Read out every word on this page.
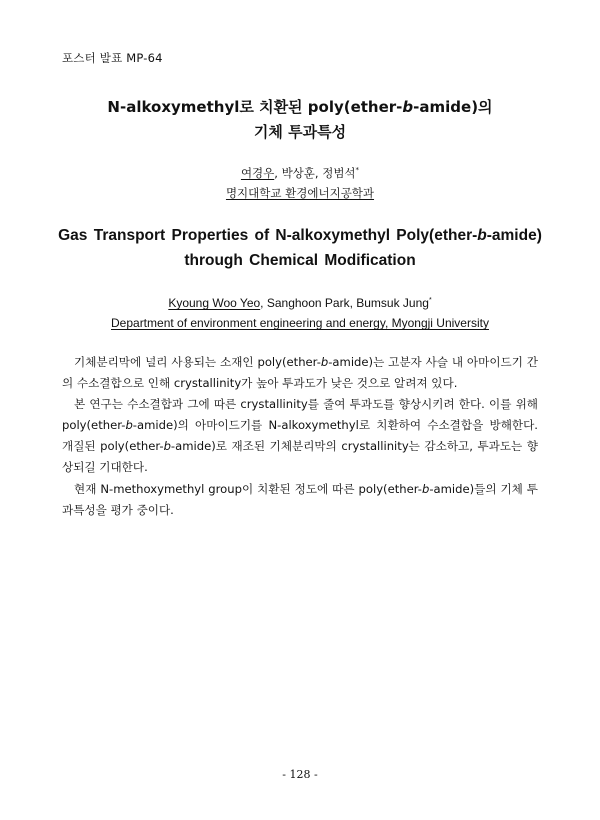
포스터 발표 MP-64
N-alkoxymethyl로 치환된 poly(ether-b-amide)의
기체 투과특성
여경우, 박상훈, 정범석*
명지대학교 환경에너지공학과
Gas Transport Properties of N-alkoxymethyl Poly(ether-b-amide)
through Chemical Modification
Kyoung Woo Yeo, Sanghoon Park, Bumsuk Jung*
Department of environment engineering and energy, Myongji University

기체분리막에 널리 사용되는 소재인 poly(ether-b-amide)는 고분자 사슬 내 아마이드기 간의 수소결합으로 인해 crystallinity가 높아 투과도가 낮은 것으로 알려져 있다.

본 연구는 수소결합과 그에 따른 crystallinity를 줄여 투과도를 향상시키려 한다. 이를 위해 poly(ether-b-amide)의 아마이드기를 N-alkoxymethyl로 치환하여 수소결합을 방해한다. 개질된 poly(ether-b-amide)로 재조된 기체분리막의 crystallinity는 감소하고, 투과도는 향상되길 기대한다.

현재 N-methoxymethyl group이 치환된 정도에 따른 poly(ether-b-amide)들의 기체 투과특성을 평가 중이다.

- 128 -
